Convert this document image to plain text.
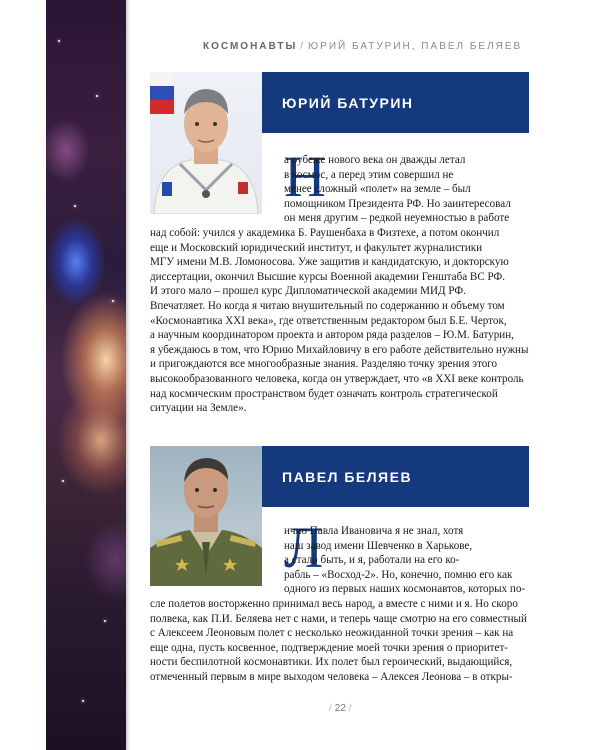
КОСМОНАВТЫ / ЮРИЙ БАТУРИН, ПАВЕЛ БЕЛЯЕВ
ЮРИЙ БАТУРИН
Н
а рубеже нового века он дважды летал
в космос, а перед этим совершил не
менее сложный «полет» на земле – был
помощником Президента РФ. Но заинтересовал
он меня другим – редкой неуемностью в работе
над собой: учился у академика Б. Раушенбаха в Физтехе, а потом окончил
еще и Московский юридический институт, и факультет журналистики
МГУ имени М.В. Ломоносова. Уже защитив и кандидатскую, и докторскую
диссертации, окончил Высшие курсы Военной академии Генштаба ВС РФ.
И этого мало – прошел курс Дипломатической академии МИД РФ.
Впечатляет. Но когда я читаю внушительный по содержанию и объему том
«Космонавтика XXI века», где ответственным редактором был Б.Е. Черток,
а научным координатором проекта и автором ряда разделов – Ю.М. Батурин,
я убеждаюсь в том, что Юрию Михайловичу в его работе действительно нужны
и пригождаются все многообразные знания. Разделяю точку зрения этого
высокообразованного человека, когда он утверждает, что «в XXI веке контроль
над космическим пространством будет означать контроль стратегической
ситуации на Земле».
ПАВЕЛ БЕЛЯЕВ
Л
ично Павла Ивановича я не знал, хотя
наш завод имени Шевченко в Харькове,
а стало быть, и я, работали на его ко-
рабль – «Восход-2». Но, конечно, помню его как
одного из первых наших космонавтов, которых по-
сле полетов восторженно принимал весь народ, а вместе с ними и я. Но скоро
полвека, как П.И. Беляева нет с нами, и теперь чаще смотрю на его совместный
с Алексеем Леоновым полет с несколько неожиданной точки зрения – как на
еще одна, пусть косвенное, подтверждение моей точки зрения о приоритет-
ности беспилотной космонавтики. Их полет был героический, выдающийся,
отмеченный первым в мире выходом человека – Алексея Леонова – в откры-
/ 22 /
